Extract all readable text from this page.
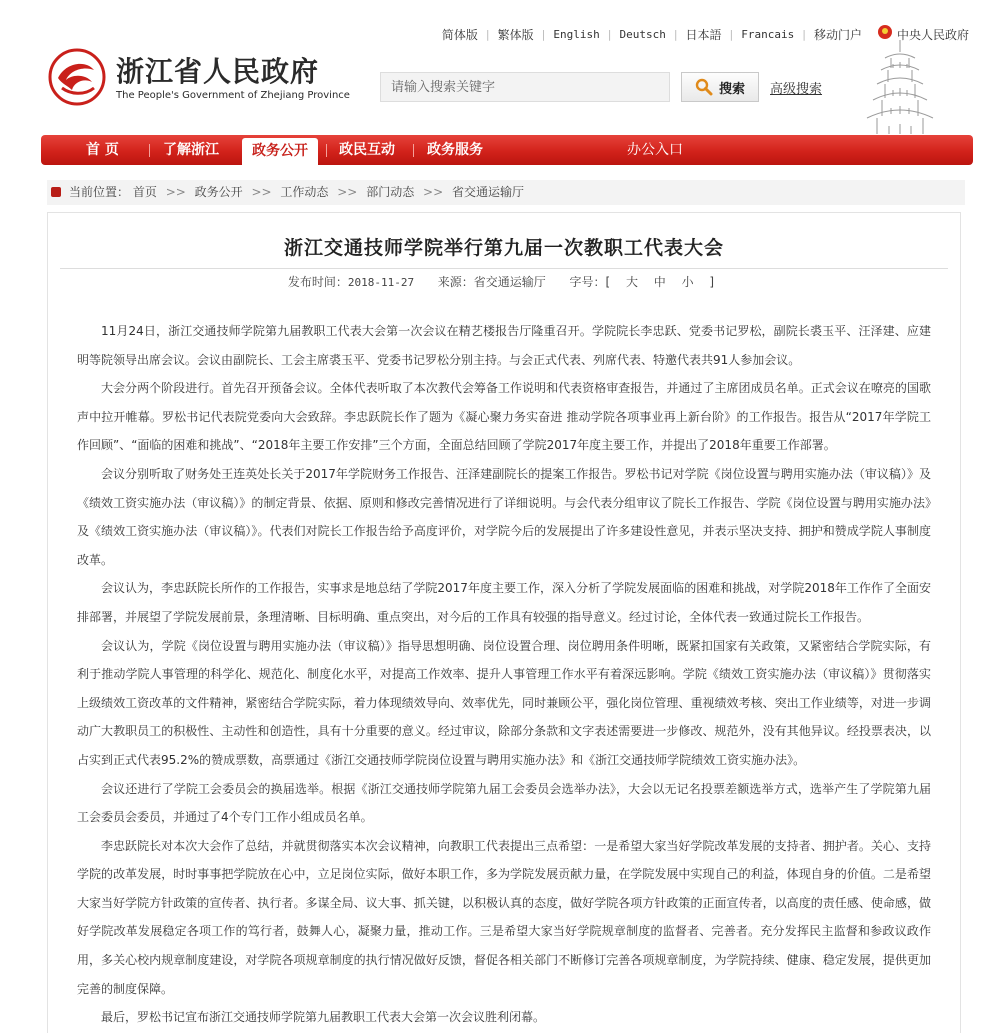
简体版 | 繁体版 | English | Deutsch | 日本語 | Francais | 移动门户	中央人民政府
浙江省人民政府
The People's Government of Zhejiang Province
请输入搜索关键字	搜索 高级搜索
首 页	了解浙江	政务公开	政民互动 政务服务	办公入口
当前位置： 首页 >> 政务公开 >> 工作动态 >> 部门动态 >> 省交通运输厅
浙江交通技师学院举行第九届一次教职工代表大会
发布时间：2018-11-27 来源：省交通运输厅 字号：[ 大 中 小 ]

11月24日，浙江交通技师学院第九届教职工代表大会第一次会议在精艺楼报告厅隆重召开。学院院长李忠跃、党委书记罗松，副院长裘玉平、汪泽建、应建明等院领导出席会议。会议由副院长、工会主席裘玉平、党委书记罗松分别主持。与会正式代表、列席代表、特邀代表共91人参加会议。

大会分两个阶段进行。首先召开预备会议。全体代表听取了本次教代会筹备工作说明和代表资格审查报告，并通过了主席团成员名单。正式会议在嘹亮的国歌声中拉开帷幕。罗松书记代表院党委向大会致辞。李忠跃院长作了题为《凝心聚力务实奋进 推动学院各项事业再上新台阶》的工作报告。报告从“2017年学院工作回顾”、“面临的困难和挑战”、“2018年主要工作安排”三个方面，全面总结回顾了学院2017年度主要工作，并提出了2018年重要工作部署。

会议分别听取了财务处王连英处长关于2017年学院财务工作报告、汪泽建副院长的提案工作报告。罗松书记对学院《岗位设置与聘用实施办法（审议稿）》及《绩效工资实施办法（审议稿）》的制定背景、依据、原则和修改完善情况进行了详细说明。与会代表分组审议了院长工作报告、学院《岗位设置与聘用实施办法》及《绩效工资实施办法（审议稿）》。代表们对院长工作报告给予高度评价，对学院今后的发展提出了许多建设性意见，并表示坚决支持、拥护和赞成学院人事制度改革。

会议认为，李忠跃院长所作的工作报告，实事求是地总结了学院2017年度主要工作，深入分析了学院发展面临的困难和挑战，对学院2018年工作作了全面安排部署，并展望了学院发展前景，条理清晰、目标明确、重点突出，对今后的工作具有较强的指导意义。经过讨论，全体代表一致通过院长工作报告。

会议认为，学院《岗位设置与聘用实施办法（审议稿）》指导思想明确、岗位设置合理、岗位聘用条件明晰，既紧扣国家有关政策，又紧密结合学院实际，有利于推动学院人事管理的科学化、规范化、制度化水平，对提高工作效率、提升人事管理工作水平有着深远影响。学院《绩效工资实施办法（审议稿）》贯彻落实上级绩效工资改革的文件精神，紧密结合学院实际，着力体现绩效导向、效率优先，同时兼顾公平，强化岗位管理、重视绩效考核、突出工作业绩等，对进一步调动广大教职员工的积极性、主动性和创造性，具有十分重要的意义。经过审议，除部分条款和文字表述需要进一步修改、规范外，没有其他异议。经投票表决，以占实到正式代表95.2%的赞成票数，高票通过《浙江交通技师学院岗位设置与聘用实施办法》和《浙江交通技师学院绩效工资实施办法》。

会议还进行了学院工会委员会的换届选举。根据《浙江交通技师学院第九届工会委员会选举办法》，大会以无记名投票差额选举方式，选举产生了学院第九届工会委员会委员，并通过了4个专门工作小组成员名单。

李忠跃院长对本次大会作了总结，并就贯彻落实本次会议精神，向教职工代表提出三点希望：一是希望大家当好学院改革发展的支持者、拥护者。关心、支持学院的改革发展，时时事事把学院放在心中，立足岗位实际，做好本职工作，多为学院发展贡献力量，在学院发展中实现自己的利益，体现自身的价值。二是希望大家当好学院方针政策的宣传者、执行者。多谋全局、议大事、抓关键，以积极认真的态度，做好学院各项方针政策的正面宣传者，以高度的责任感、使命感，做好学院改革发展稳定各项工作的笃行者，鼓舞人心，凝聚力量，推动工作。三是希望大家当好学院规章制度的监督者、完善者。充分发挥民主监督和参政议政作用，多关心校内规章制度建设，对学院各项规章制度的执行情况做好反馈，督促各相关部门不断修订完善各项规章制度，为学院持续、健康、稳定发展，提供更加完善的制度保障。

最后，罗松书记宣布浙江交通技师学院第九届教职工代表大会第一次会议胜利闭幕。
